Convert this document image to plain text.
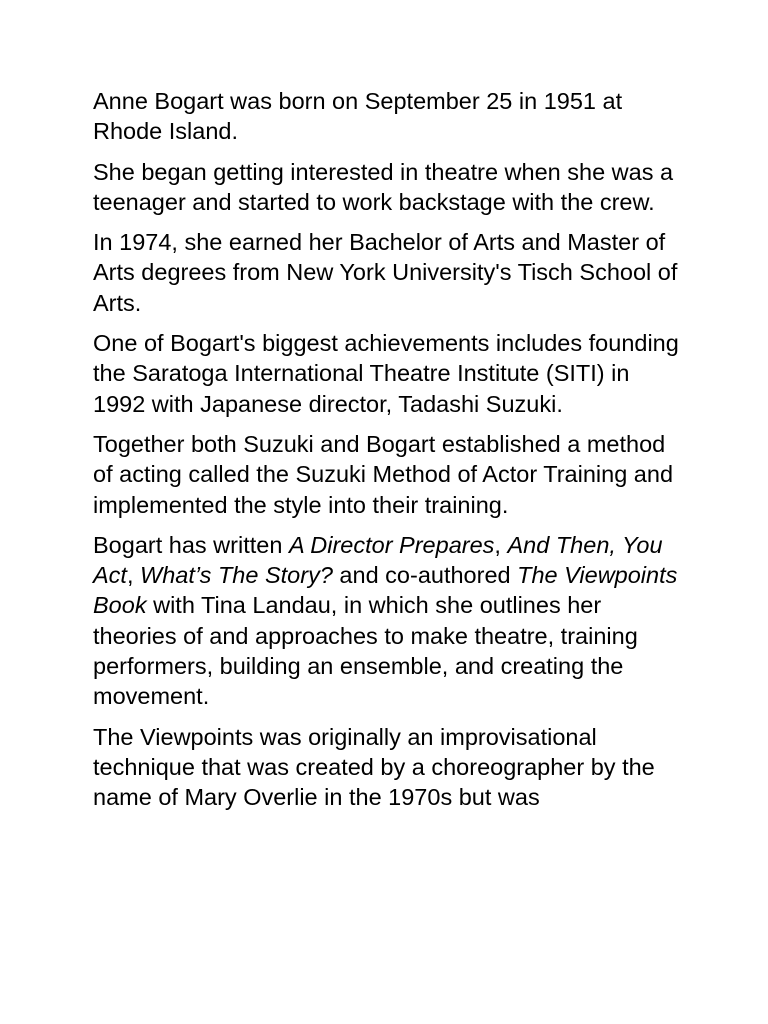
Anne Bogart was born on September 25 in 1951 at Rhode Island.

She began getting interested in theatre when she was a teenager and started to work backstage with the crew.

In 1974, she earned her Bachelor of Arts and Master of Arts degrees from New York University's Tisch School of Arts.

One of Bogart's biggest achievements includes founding the Saratoga International Theatre Institute (SITI) in 1992 with Japanese director, Tadashi Suzuki.

Together both Suzuki and Bogart established a method of acting called the Suzuki Method of Actor Training and implemented the style into their training.

Bogart has written A Director Prepares, And Then, You Act, What’s The Story? and co-authored The Viewpoints Book with Tina Landau, in which she outlines her theories of and approaches to make theatre, training performers, building an ensemble, and creating the movement.

The Viewpoints was originally an improvisational technique that was created by a choreographer by the name of Mary Overlie in the 1970s but was
